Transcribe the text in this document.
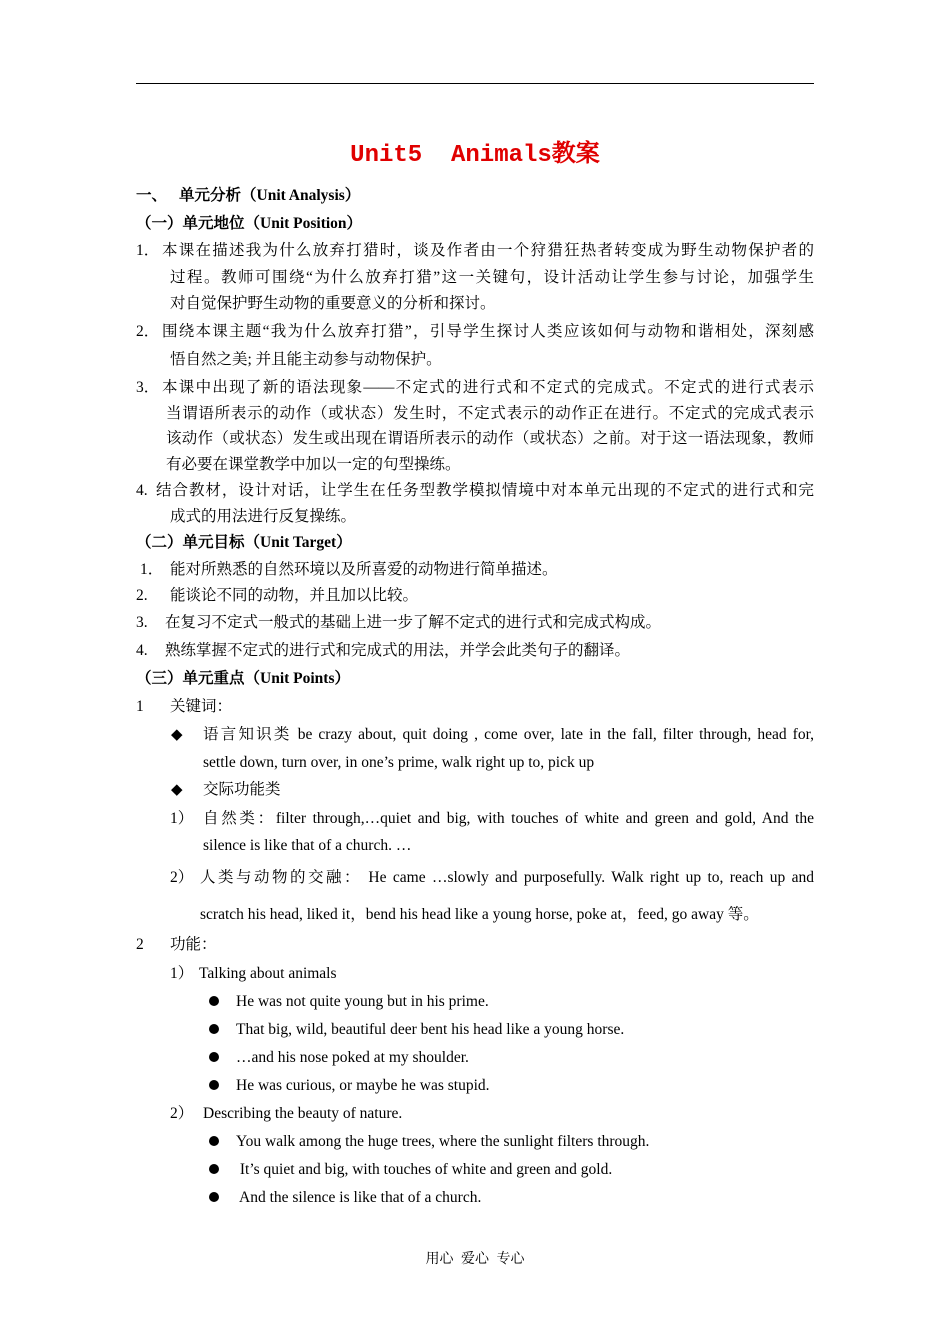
Unit5  Animals教案
一、 单元分析（Unit Analysis）
（一）单元地位（Unit Position）
1． 本课在描述我为什么放弃打猎时，谈及作者由一个狩猎狂热者转变成为野生动物保护者的
过程。教师可围绕“为什么放弃打猎”这一关键句，设计活动让学生参与讨论，加强学生
对自觉保护野生动物的重要意义的分析和探讨。
2． 围绕本课主题“我为什么放弃打猎”，引导学生探讨人类应该如何与动物和谐相处，深刻感
悟自然之美; 并且能主动参与动物保护。
3． 本课中出现了新的语法现象——不定式的进行式和不定式的完成式。不定式的进行式表示
当谓语所表示的动作（或状态）发生时，不定式表示的动作正在进行。不定式的完成式表示
该动作（或状态）发生或出现在谓语所表示的动作（或状态）之前。对于这一语法现象，教师
有必要在课堂教学中加以一定的句型操练。
4. 结合教材，设计对话，让学生在任务型教学模拟情境中对本单元出现的不定式的进行式和完
成式的用法进行反复操练。
（二）单元目标（Unit Target）
1． 能对所熟悉的自然环境以及所喜爱的动物进行简单描述。
2. 能谈论不同的动物，并且加以比较。
3. 在复习不定式一般式的基础上进一步了解不定式的进行式和完成式构成。
4. 熟练掌握不定式的进行式和完成式的用法，并学会此类句子的翻译。
（三）单元重点（Unit Points）
1 关键词：
◆ 语言知识类 be crazy about, quit doing , come over, late in the fall, filter through, head for,
settle down, turn over, in one’s prime, walk right up to, pick up
◆ 交际功能类
1） 自然类：filter through,…quiet and big, with touches of white and green and gold, And the
silence is like that of a church. …
2） 人类与动物的交融： He came …slowly and purposefully. Walk right up to, reach up and
scratch his head, liked it，bend his head like a young horse, poke at，feed, go away 等。
2 功能：
1） Talking about animals
He was not quite young but in his prime.
That big, wild, beautiful deer bent his head like a young horse.
…and his nose poked at my shoulder.
He was curious, or maybe he was stupid.
2） Describing the beauty of nature.
You walk among the huge trees, where the sunlight filters through.
It’s quiet and big, with touches of white and green and gold.
And the silence is like that of a church.
用心 爱心 专心
